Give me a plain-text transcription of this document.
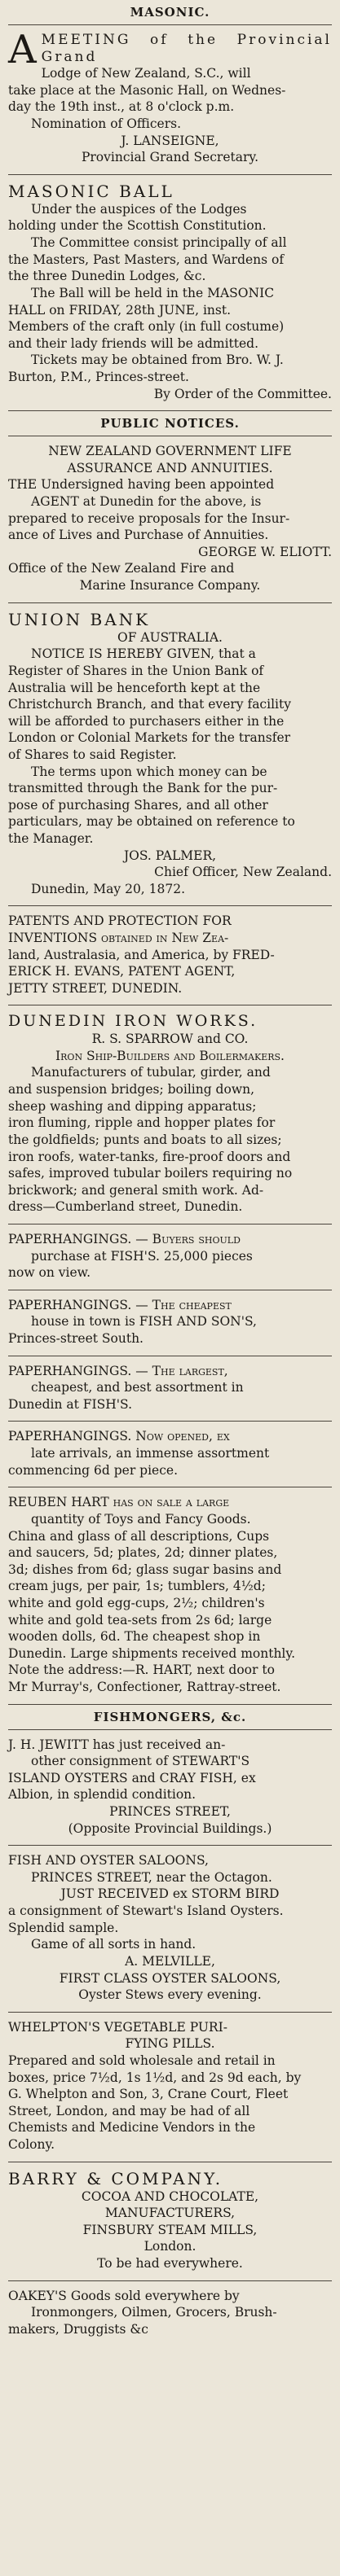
MASONIC.

AMEETING of the Provincial Grand

Lodge of New Zealand, S.C., will

take place at the Masonic Hall, on Wednes-

day the 19th inst., at 8 o'clock p.m.

Nomination of Officers.

J. LANSEIGNE,

Provincial Grand Secretary.

MASONIC BALL

Under the auspices of the Lodges

holding under the Scottish Constitution.

The Committee consist principally of all

the Masters, Past Masters, and Wardens of

the three Dunedin Lodges, &c.

The Ball will be held in the MASONIC

HALL on FRIDAY, 28th JUNE, inst.

Members of the craft only (in full costume)

and their lady friends will be admitted.

Tickets may be obtained from Bro. W. J.

Burton, P.M., Princes-street.

By Order of the Committee.

PUBLIC NOTICES.

NEW ZEALAND GOVERNMENT LIFE

ASSURANCE AND ANNUITIES.

THE Undersigned having been appointed

AGENT at Dunedin for the above, is

prepared to receive proposals for the Insur-

ance of Lives and Purchase of Annuities.

GEORGE W. ELIOTT.

Office of the New Zealand Fire and

Marine Insurance Company.

UNION BANK

OF AUSTRALIA.

NOTICE IS HEREBY GIVEN, that a

Register of Shares in the Union Bank of

Australia will be henceforth kept at the

Christchurch Branch, and that every facility

will be afforded to purchasers either in the

London or Colonial Markets for the transfer

of Shares to said Register.

The terms upon which money can be

transmitted through the Bank for the pur-

pose of purchasing Shares, and all other

particulars, may be obtained on reference to

the Manager.

JOS. PALMER,

Chief Officer, New Zealand.

Dunedin, May 20, 1872.

PATENTS AND PROTECTION FOR

INVENTIONS obtained in New Zea-

land, Australasia, and America, by FRED-

ERICK H. EVANS, PATENT AGENT,

JETTY STREET, DUNEDIN.

DUNEDIN IRON WORKS.

R. S. SPARROW and CO.

Iron Ship-Builders and Boilermakers.

Manufacturers of tubular, girder, and

and suspension bridges; boiling down,

sheep washing and dipping apparatus;

iron fluming, ripple and hopper plates for

the goldfields; punts and boats to all sizes;

iron roofs, water-tanks, fire-proof doors and

safes, improved tubular boilers requiring no

brickwork; and general smith work. Ad-

dress—Cumberland street, Dunedin.

PAPERHANGINGS. — Buyers should

purchase at FISH'S. 25,000 pieces

now on view.

PAPERHANGINGS. — The cheapest

house in town is FISH AND SON'S,

Princes-street South.

PAPERHANGINGS. — The largest,

cheapest, and best assortment in

Dunedin at FISH'S.

PAPERHANGINGS. Now opened, ex

late arrivals, an immense assortment

commencing 6d per piece.

REUBEN HART has on sale a large

quantity of Toys and Fancy Goods.

China and glass of all descriptions, Cups

and saucers, 5d; plates, 2d; dinner plates,

3d; dishes from 6d; glass sugar basins and

cream jugs, per pair, 1s; tumblers, 4½d;

white and gold egg-cups, 2½; children's

white and gold tea-sets from 2s 6d; large

wooden dolls, 6d. The cheapest shop in

Dunedin. Large shipments received monthly.

Note the address:—R. HART, next door to

Mr Murray's, Confectioner, Rattray-street.

FISHMONGERS, &c.

J. H. JEWITT has just received an-

other consignment of STEWART'S

ISLAND OYSTERS and CRAY FISH, ex

Albion, in splendid condition.

PRINCES STREET,

(Opposite Provincial Buildings.)

FISH AND OYSTER SALOONS,

PRINCES STREET, near the Octagon.

JUST RECEIVED ex STORM BIRD

a consignment of Stewart's Island Oysters.

Splendid sample.

Game of all sorts in hand.

A. MELVILLE,

FIRST CLASS OYSTER SALOONS,

Oyster Stews every evening.

WHELPTON'S VEGETABLE PURI-

FYING PILLS.

Prepared and sold wholesale and retail in

boxes, price 7½d, 1s 1½d, and 2s 9d each, by

G. Whelpton and Son, 3, Crane Court, Fleet

Street, London, and may be had of all

Chemists and Medicine Vendors in the

Colony.

BARRY & COMPANY.

COCOA AND CHOCOLATE,

MANUFACTURERS,

FINSBURY STEAM MILLS,

London.

To be had everywhere.

OAKEY'S Goods sold everywhere by

Ironmongers, Oilmen, Grocers, Brush-

makers, Druggists &c
